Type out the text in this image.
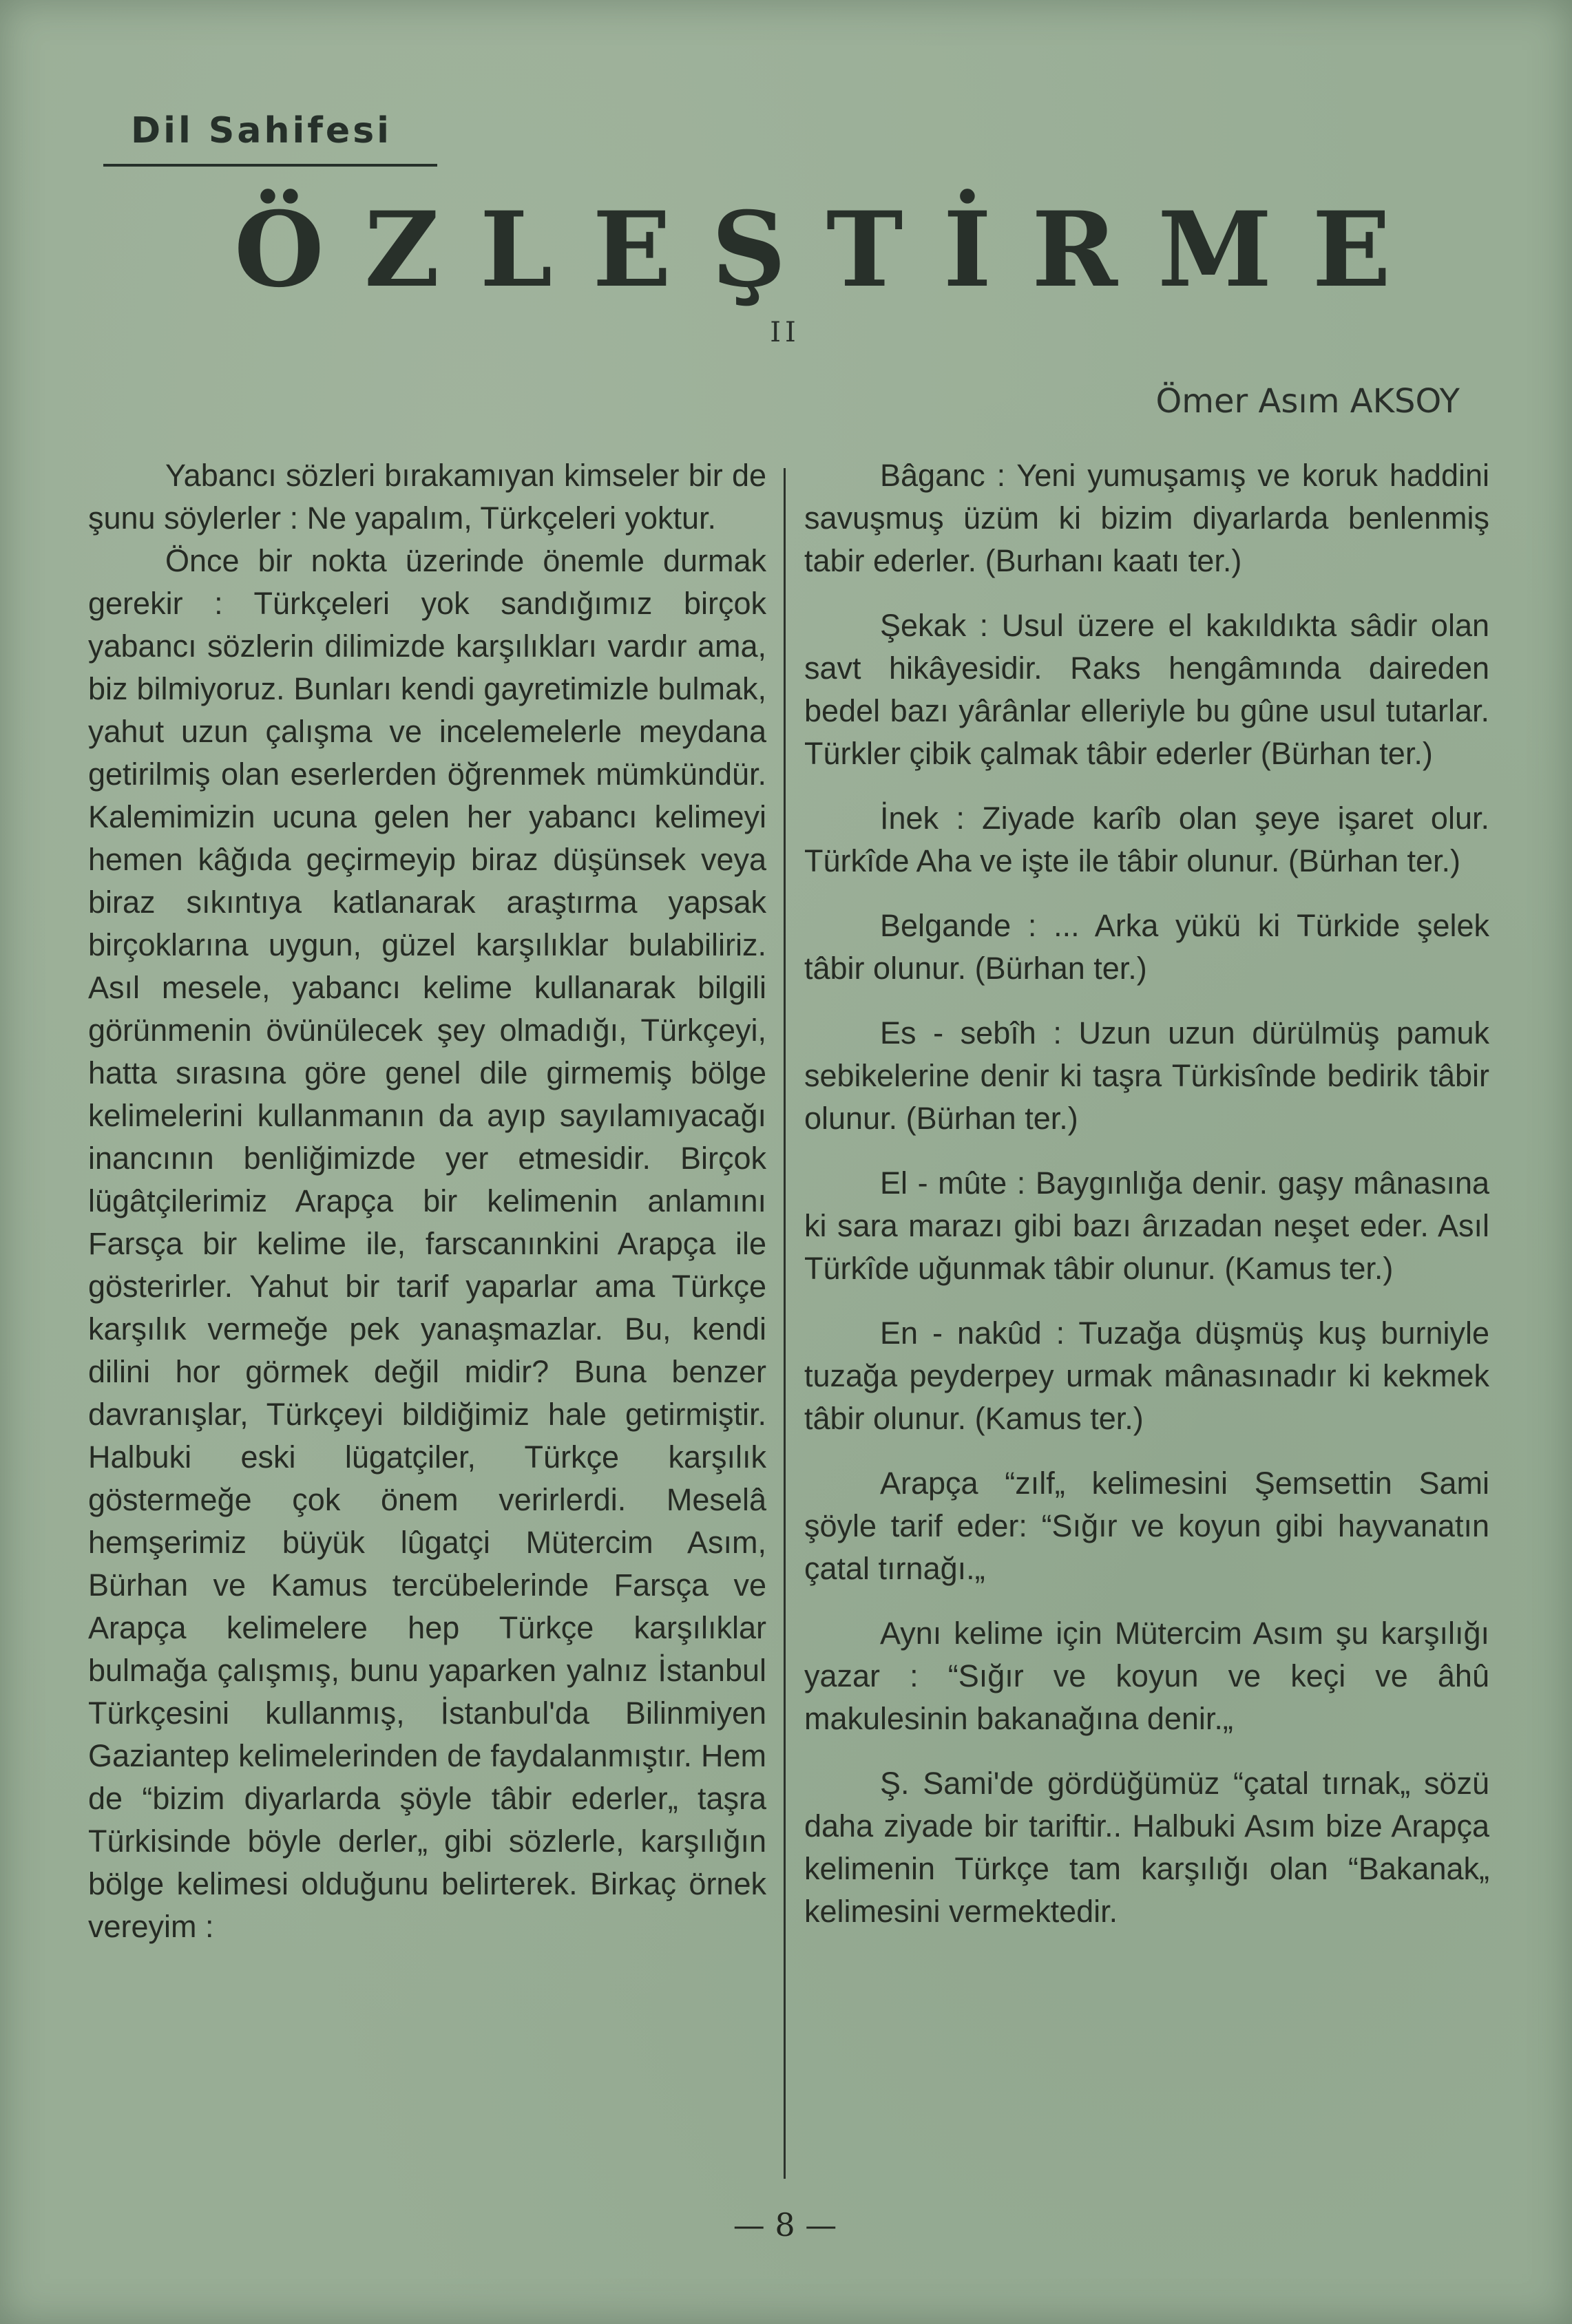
Dil Sahifesi
Ö Z L E Ş T İ R M E
II
Ömer Asım AKSOY

Yabancı sözleri bırakamıyan kimseler bir de şunu söylerler : Ne yapalım, Türkçeleri yoktur.

Önce bir nokta üzerinde önemle durmak gerekir : Türkçeleri yok sandığımız birçok yabancı sözlerin dilimizde karşılıkları vardır ama, biz bilmiyoruz. Bunları kendi gayretimizle bulmak, yahut uzun çalışma ve incelemelerle meydana getirilmiş olan eserlerden öğrenmek mümkündür. Kalemimizin ucuna gelen her yabancı kelimeyi hemen kâğıda geçirmeyip biraz düşünsek veya biraz sıkıntıya katlanarak araştırma yapsak birçoklarına uygun, güzel karşılıklar bulabiliriz. Asıl mesele, yabancı kelime kullanarak bilgili görünmenin övünülecek şey olmadığı, Türkçeyi, hatta sırasına göre genel dile girmemiş bölge kelimelerini kullanmanın da ayıp sayılamıyacağı inancının benliğimizde yer etmesidir. Birçok lügâtçilerimiz Arapça bir kelimenin anlamını Farsça bir kelime ile, farscanınkini Arapça ile gösterirler. Yahut bir tarif yaparlar ama Türkçe karşılık vermeğe pek yanaşmazlar. Bu, kendi dilini hor görmek değil midir? Buna benzer davranışlar, Türkçeyi bildiğimiz hale getirmiştir. Halbuki eski lügatçiler, Türkçe karşılık göstermeğe çok önem verirlerdi. Meselâ hemşerimiz büyük lûgatçi Mütercim Asım, Bürhan ve Kamus tercübelerinde Farsça ve Arapça kelimelere hep Türkçe karşılıklar bulmağa çalışmış, bunu yaparken yalnız İstanbul Türkçesini kullanmış, İstanbul'da Bilinmiyen Gaziantep kelimelerinden de faydalanmıştır. Hem de “bizim diyarlarda şöyle tâbir ederler„ taşra Türkisinde böyle derler„ gibi sözlerle, karşılığın bölge kelimesi olduğunu belirterek. Birkaç örnek vereyim :

Bâganc : Yeni yumuşamış ve koruk haddini savuşmuş üzüm ki bizim diyarlarda benlenmiş tabir ederler. (Burhanı kaatı ter.)

Şekak : Usul üzere el kakıldıkta sâdir olan savt hikâyesidir. Raks hengâmında daireden bedel bazı yârânlar elleriyle bu gûne usul tutarlar. Türkler çibik çalmak tâbir ederler (Bürhan ter.)

İnek : Ziyade karîb olan şeye işaret olur. Türkîde Aha ve işte ile tâbir olunur. (Bürhan ter.)

Belgande : ... Arka yükü ki Türkide şelek tâbir olunur. (Bürhan ter.)

Es - sebîh : Uzun uzun dürülmüş pamuk sebikelerine denir ki taşra Türkisînde bedirik tâbir olunur. (Bürhan ter.)

El - mûte : Baygınlığa denir. gaşy mânasına ki sara marazı gibi bazı ârızadan neşet eder. Asıl Türkîde uğunmak tâbir olunur. (Kamus ter.)

En - nakûd : Tuzağa düşmüş kuş burniyle tuzağa peyderpey urmak mânasınadır ki kekmek tâbir olunur. (Kamus ter.)

Arapça “zılf„ kelimesini Şemsettin Sami şöyle tarif eder: “Sığır ve koyun gibi hayvanatın çatal tırnağı.„

Aynı kelime için Mütercim Asım şu karşılığı yazar : “Sığır ve koyun ve keçi ve âhû makulesinin bakanağına denir.„

Ş. Sami'de gördüğümüz “çatal tırnak„ sözü daha ziyade bir tariftir.. Halbuki Asım bize Arapça kelimenin Türkçe tam karşılığı olan “Bakanak„ kelimesini vermektedir.

— 8 —
